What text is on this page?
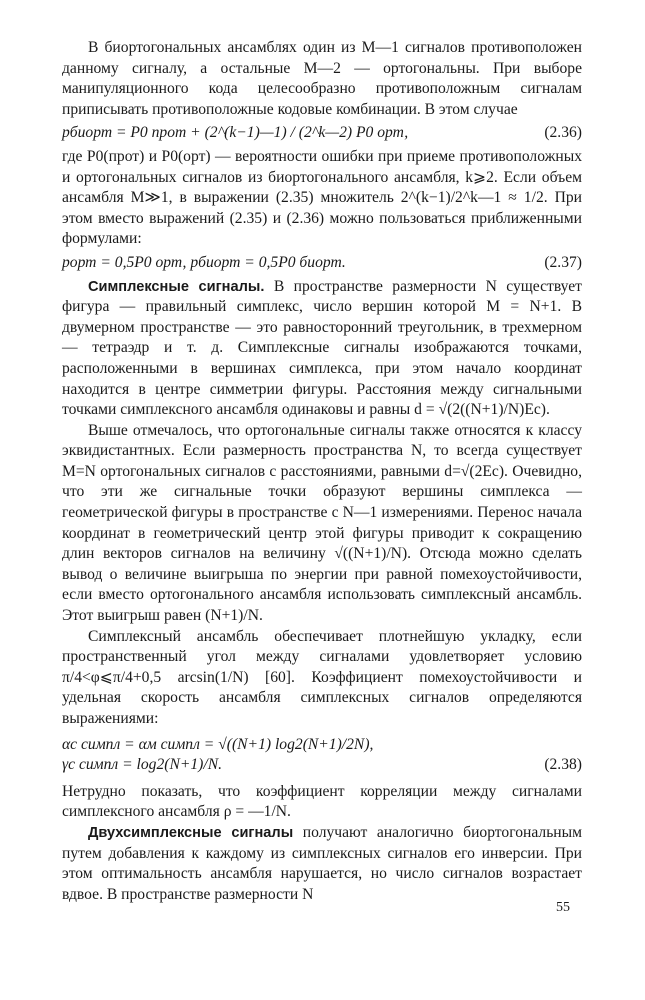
В биортогональных ансамблях один из M—1 сигналов противоположен данному сигналу, а остальные M—2 — ортогональны. При выборе манипуляционного кода целесообразно противоположным сигналам приписывать противоположные кодовые комбинации. В этом случае

pбиорт = P0 прот + (2^(k−1)—1) / (2^k—2) P0 орт,	(2.36)

где P0(прот) и P0(орт) — вероятности ошибки при приеме противоположных и ортогональных сигналов из биортогонального ансамбля, k⩾2. Если объем ансамбля M≫1, в выражении (2.35) множитель 2^(k−1)/2^k—1 ≈ 1/2. При этом вместо выражений (2.35) и (2.36) можно пользоваться приближенными формулами:

pорт = 0,5P0 орт, pбиорт = 0,5P0 биорт.	(2.37)

Симплексные сигналы. В пространстве размерности N существует фигура — правильный симплекс, число вершин которой M = N+1. В двумерном пространстве — это равносторонний треугольник, в трехмерном — тетраэдр и т. д. Симплексные сигналы изображаются точками, расположенными в вершинах симплекса, при этом начало координат находится в центре симметрии фигуры. Расстояния между сигнальными точками симплексного ансамбля одинаковы и равны d = √(2((N+1)/N)Eс).

Выше отмечалось, что ортогональные сигналы также относятся к классу эквидистантных. Если размерность пространства N, то всегда существует M=N ортогональных сигналов с расстояниями, равными d=√(2Eс). Очевидно, что эти же сигнальные точки образуют вершины симплекса — геометрической фигуры в пространстве с N—1 измерениями. Перенос начала координат в геометрический центр этой фигуры приводит к сокращению длин векторов сигналов на величину √((N+1)/N). Отсюда можно сделать вывод о величине выигрыша по энергии при равной помехоустойчивости, если вместо ортогонального ансамбля использовать симплексный ансамбль. Этот выигрыш равен (N+1)/N.

Симплексный ансамбль обеспечивает плотнейшую укладку, если пространственный угол между сигналами удовлетворяет условию π/4<φ⩽π/4+0,5 arcsin(1/N) [60]. Коэффициент помехоустойчивости и удельная скорость ансамбля симплексных сигналов определяются выражениями:

αс симпл = αм симпл = √((N+1) log2(N+1)/2N),
γс симпл = log2(N+1)/N.	(2.38)

Нетрудно показать, что коэффициент корреляции между сигналами симплексного ансамбля ρ = —1/N.

Двухсимплексные сигналы получают аналогично биортогональным путем добавления к каждому из симплексных сигналов его инверсии. При этом оптимальность ансамбля нарушается, но число сигналов возрастает вдвое. В пространстве размерности N

55
